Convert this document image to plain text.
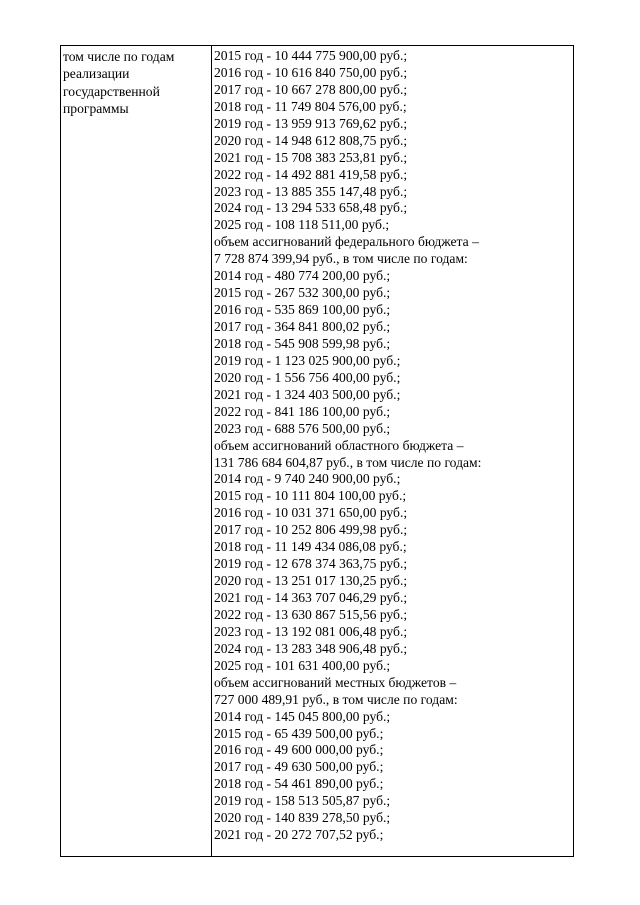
том числе по годам
реализации
государственной
программы
2015 год - 10 444 775 900,00 руб.;
2016 год - 10 616 840 750,00 руб.;
2017 год - 10 667 278 800,00 руб.;
2018 год - 11 749 804 576,00 руб.;
2019 год - 13 959 913 769,62 руб.;
2020 год - 14 948 612 808,75 руб.;
2021 год - 15 708 383 253,81 руб.;
2022 год - 14 492 881 419,58 руб.;
2023 год - 13 885 355 147,48 руб.;
2024 год - 13 294 533 658,48 руб.;
2025 год - 108 118 511,00 руб.;
объем ассигнований федерального бюджета –
7 728 874 399,94 руб., в том числе по годам:
2014 год - 480 774 200,00 руб.;
2015 год - 267 532 300,00 руб.;
2016 год - 535 869 100,00 руб.;
2017 год - 364 841 800,02 руб.;
2018 год - 545 908 599,98 руб.;
2019 год - 1 123 025 900,00 руб.;
2020 год - 1 556 756 400,00 руб.;
2021 год - 1 324 403 500,00 руб.;
2022 год - 841 186 100,00 руб.;
2023 год - 688 576 500,00 руб.;
объем ассигнований областного бюджета –
131 786 684 604,87 руб., в том числе по годам:
2014 год - 9 740 240 900,00 руб.;
2015 год - 10 111 804 100,00 руб.;
2016 год - 10 031 371 650,00 руб.;
2017 год - 10 252 806 499,98 руб.;
2018 год - 11 149 434 086,08 руб.;
2019 год - 12 678 374 363,75 руб.;
2020 год - 13 251 017 130,25 руб.;
2021 год - 14 363 707 046,29 руб.;
2022 год - 13 630 867 515,56 руб.;
2023 год - 13 192 081 006,48 руб.;
2024 год - 13 283 348 906,48 руб.;
2025 год - 101 631 400,00 руб.;
объем ассигнований местных бюджетов –
727 000 489,91 руб., в том числе по годам:
2014 год - 145 045 800,00 руб.;
2015 год - 65 439 500,00 руб.;
2016 год - 49 600 000,00 руб.;
2017 год - 49 630 500,00 руб.;
2018 год - 54 461 890,00 руб.;
2019 год - 158 513 505,87 руб.;
2020 год - 140 839 278,50 руб.;
2021 год - 20 272 707,52 руб.;
